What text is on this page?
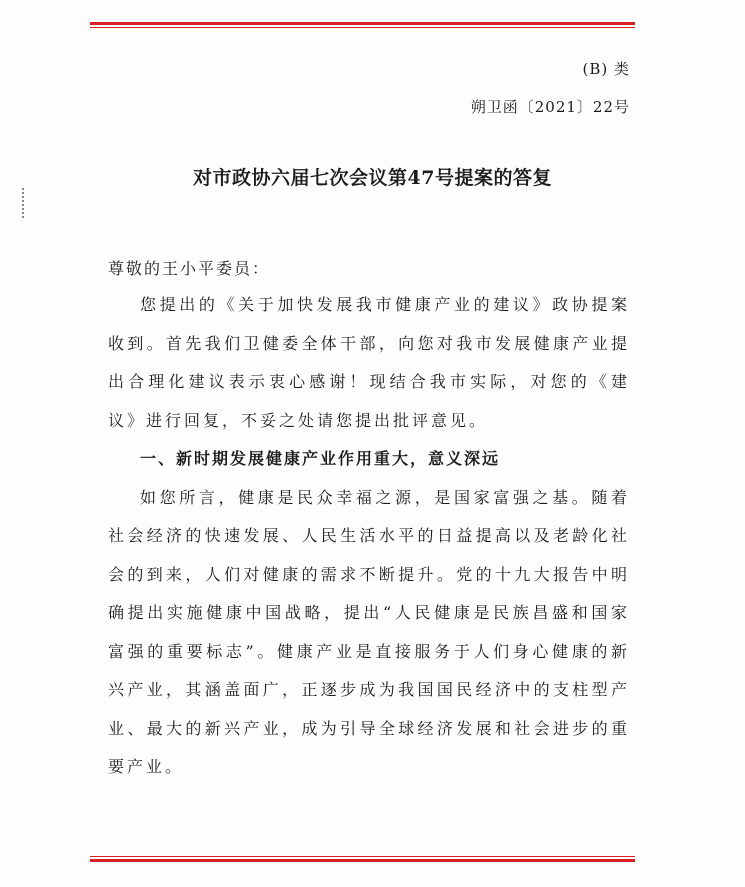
(B) 类
朔卫函〔2021〕22号
对市政协六届七次会议第47号提案的答复
尊敬的王小平委员：

您提出的《关于加快发展我市健康产业的建议》政协提案收到。首先我们卫健委全体干部，向您对我市发展健康产业提出合理化建议表示衷心感谢！现结合我市实际，对您的《建议》进行回复，不妥之处请您提出批评意见。

一、新时期发展健康产业作用重大，意义深远

如您所言，健康是民众幸福之源，是国家富强之基。随着社会经济的快速发展、人民生活水平的日益提高以及老龄化社会的到来，人们对健康的需求不断提升。党的十九大报告中明确提出实施健康中国战略，提出“人民健康是民族昌盛和国家富强的重要标志”。健康产业是直接服务于人们身心健康的新兴产业，其涵盖面广，正逐步成为我国国民经济中的支柱型产业、最大的新兴产业，成为引导全球经济发展和社会进步的重要产业。
